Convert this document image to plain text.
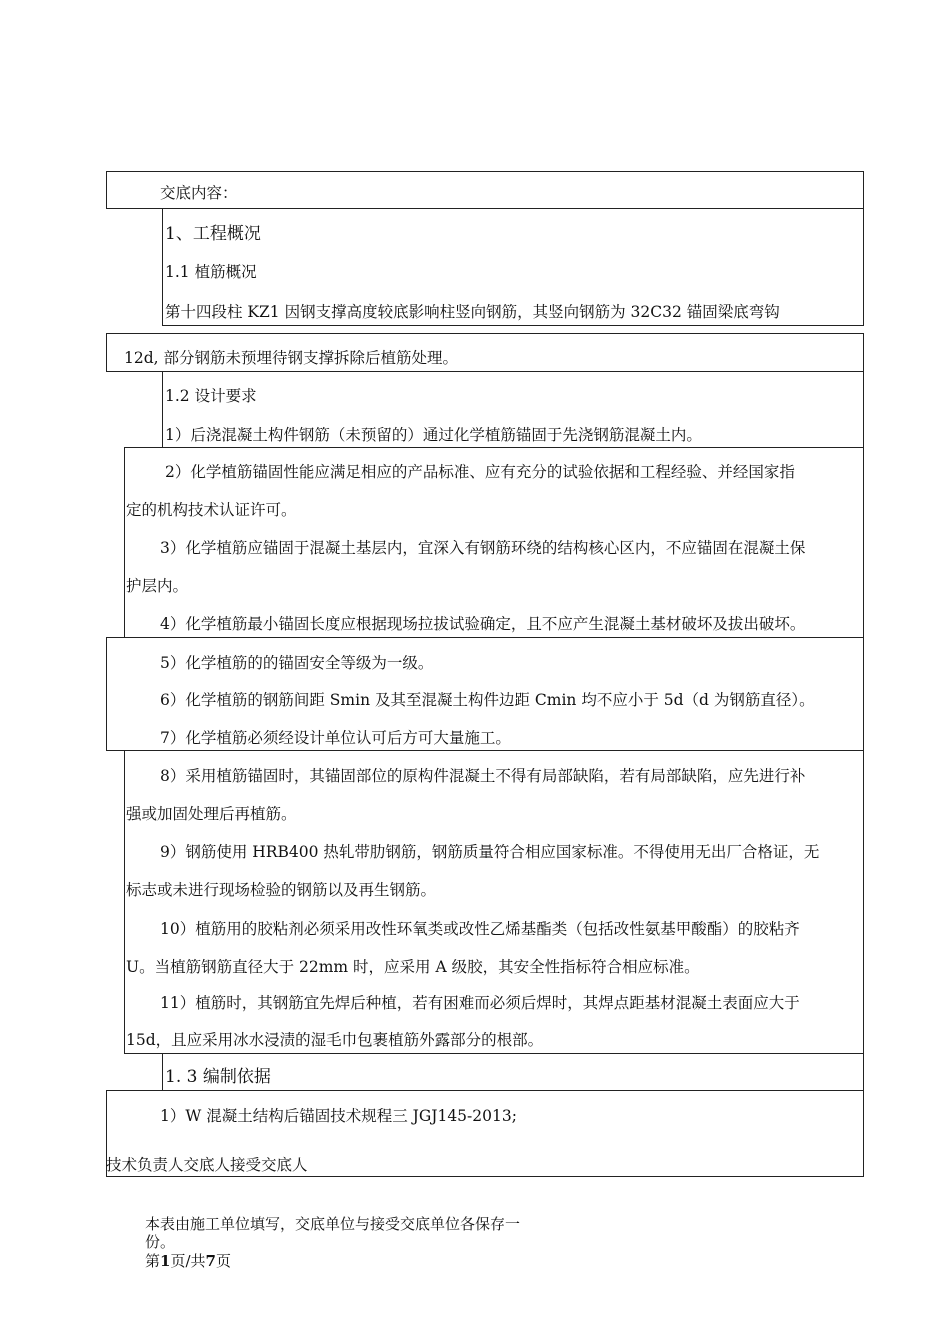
交底内容：
1、工程概况
1.1 植筋概况
第十四段柱 KZ1 因钢支撑高度较底影响柱竖向钢筋，其竖向钢筋为 32C32 锚固梁底弯钩
12d, 部分钢筋未预埋待钢支撑拆除后植筋处理。
1.2 设计要求
1）后浇混凝土构件钢筋（未预留的）通过化学植筋锚固于先浇钢筋混凝土内。
2）化学植筋锚固性能应满足相应的产品标准、应有充分的试验依据和工程经验、并经国家指
定的机构技术认证许可。
3）化学植筋应锚固于混凝土基层内，宜深入有钢筋环绕的结构核心区内，不应锚固在混凝土保
护层内。
4）化学植筋最小锚固长度应根据现场拉拔试验确定，且不应产生混凝土基材破坏及拔出破坏。
5）化学植筋的的锚固安全等级为一级。
6）化学植筋的钢筋间距 Smin 及其至混凝土构件边距 Cmin 均不应小于 5d（d 为钢筋直径）。
7）化学植筋必须经设计单位认可后方可大量施工。
8）采用植筋锚固时，其锚固部位的原构件混凝土不得有局部缺陷，若有局部缺陷，应先进行补
强或加固处理后再植筋。
9）钢筋使用 HRB400 热轧带肋钢筋，钢筋质量符合相应国家标准。不得使用无出厂合格证，无
标志或未进行现场检验的钢筋以及再生钢筋。
10）植筋用的胶粘剂必须采用改性环氧类或改性乙烯基酯类（包括改性氨基甲酸酯）的胶粘齐
U。当植筋钢筋直径大于 22mm 时，应采用 A 级胶，其安全性指标符合相应标准。
11）植筋时，其钢筋宜先焊后种植，若有困难而必须后焊时，其焊点距基材混凝土表面应大于
15d，且应采用冰水浸渍的湿毛巾包裹植筋外露部分的根部。
1. 3 编制依据
1）W 混凝土结构后锚固技术规程三 JGJ145-2013;
技术负责人交底人接受交底人
本表由施工单位填写，交底单位与接受交底单位各保存一
份。
第1页/共7页
